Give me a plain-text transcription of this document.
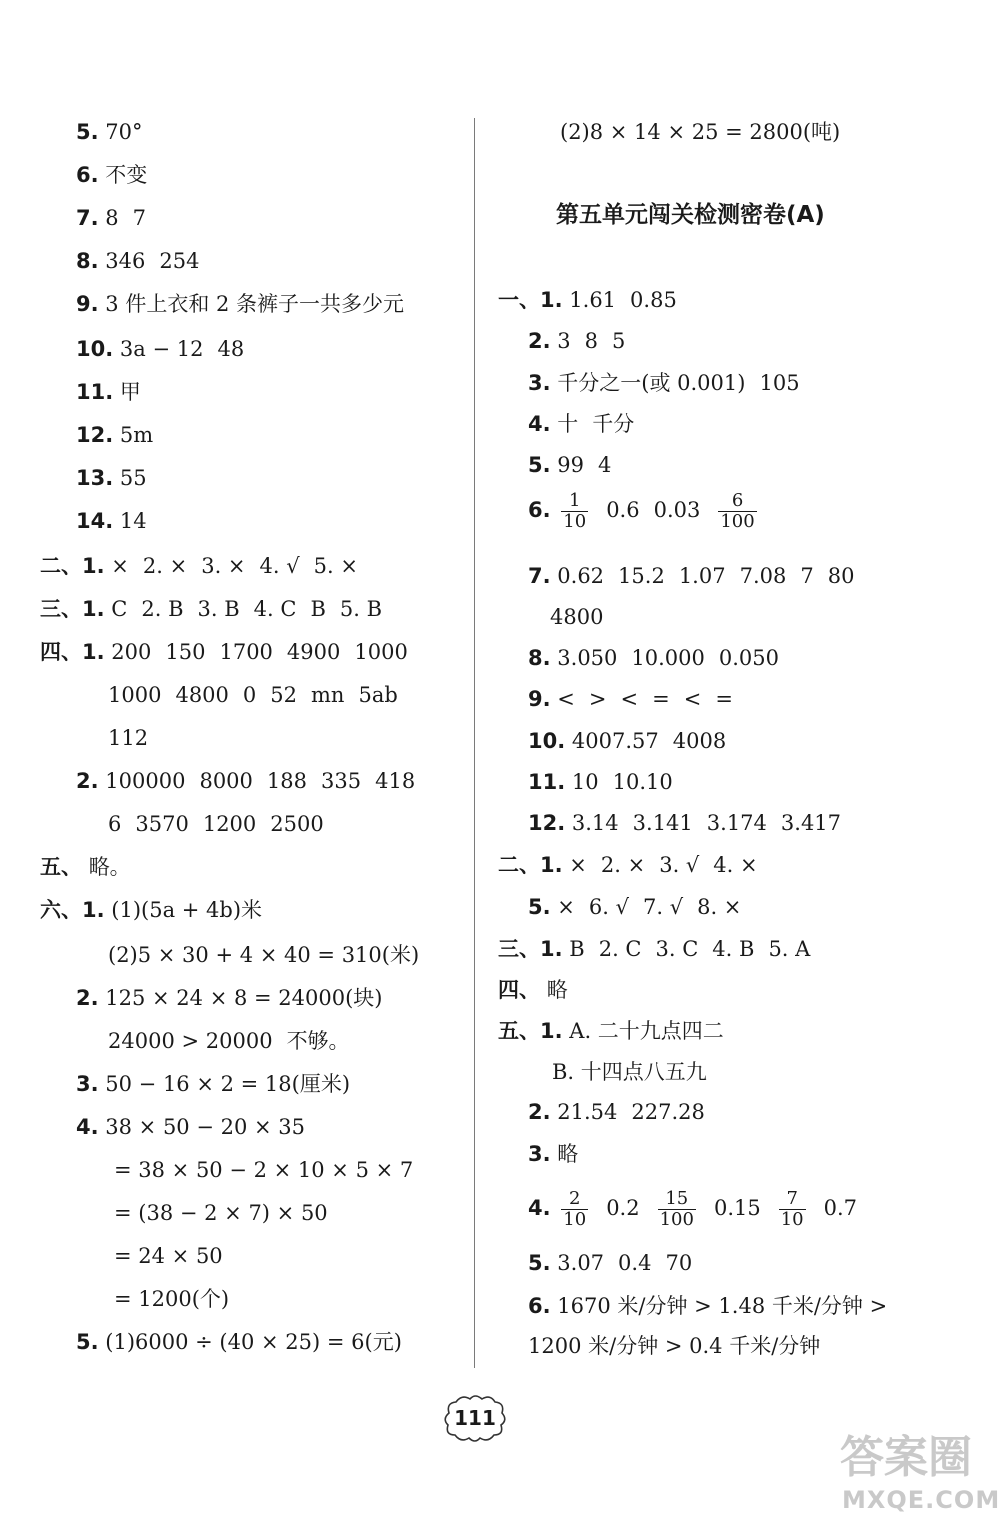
5. 70°
6. 不变
7. 8 7
8. 346 254
9. 3 件上衣和 2 条裤子一共多少元
10. 3a − 12 48
11. 甲
12. 5m
13. 55
14. 14
二、1. × 2. × 3. × 4. √ 5. ×
三、1. C 2. B 3. B 4. C B 5. B
四、1. 200 150 1700 4900 1000
1000 4800 0 52 mn 5ab
112
2. 100000 8000 188 335 418
6 3570 1200 2500
五、 略。
六、1. (1)(5a + 4b)米
(2)5 × 30 + 4 × 40 = 310(米)
2. 125 × 24 × 8 = 24000(块)
24000 > 20000 不够。
3. 50 − 16 × 2 = 18(厘米)
4. 38 × 50 − 20 × 35
= 38 × 50 − 2 × 10 × 5 × 7
= (38 − 2 × 7) × 50
= 24 × 50
= 1200(个)
5. (1)6000 ÷ (40 × 25) = 6(元)
一、1. 1.61 0.85
2. 3 8 5
3. 千分之一(或 0.001) 105
4. 十 千分
5. 99 4
6. $\frac{1}{10} 0.6$ $0.03 \frac{6}{100}$
7. 0.62 15.2 1.07 7.08 7 80
4800
8. 3.050 10.000 0.050
9. < > < = < =
10. 4007.57 4008
11. 10 10.10
12. 3.14 3.141 3.174 3.417
二、1. × 2. × 3. √ 4. ×
5. × 6. √ 7. √ 8. ×
三、1. B 2. C 3. C 4. B 5. A
四、 略
五、1. A. 二十九点四二
B. 十四点八五九
2. 21.54 227.28
3. 略
4. $\frac{2}{10} 0.2 \frac{15}{100} 0.15 \frac{7}{10} 0.7$
5. 3.07 0.4 70
6. 1670 米/分钟 > 1.48 千米/分钟 >
1200 米/分钟 > 0.4 千米/分钟
(2)8 × 14 × 25 = 2800(吨)
第五单元闯关检测密卷(A)
111
答案圈
MXQE.COM
